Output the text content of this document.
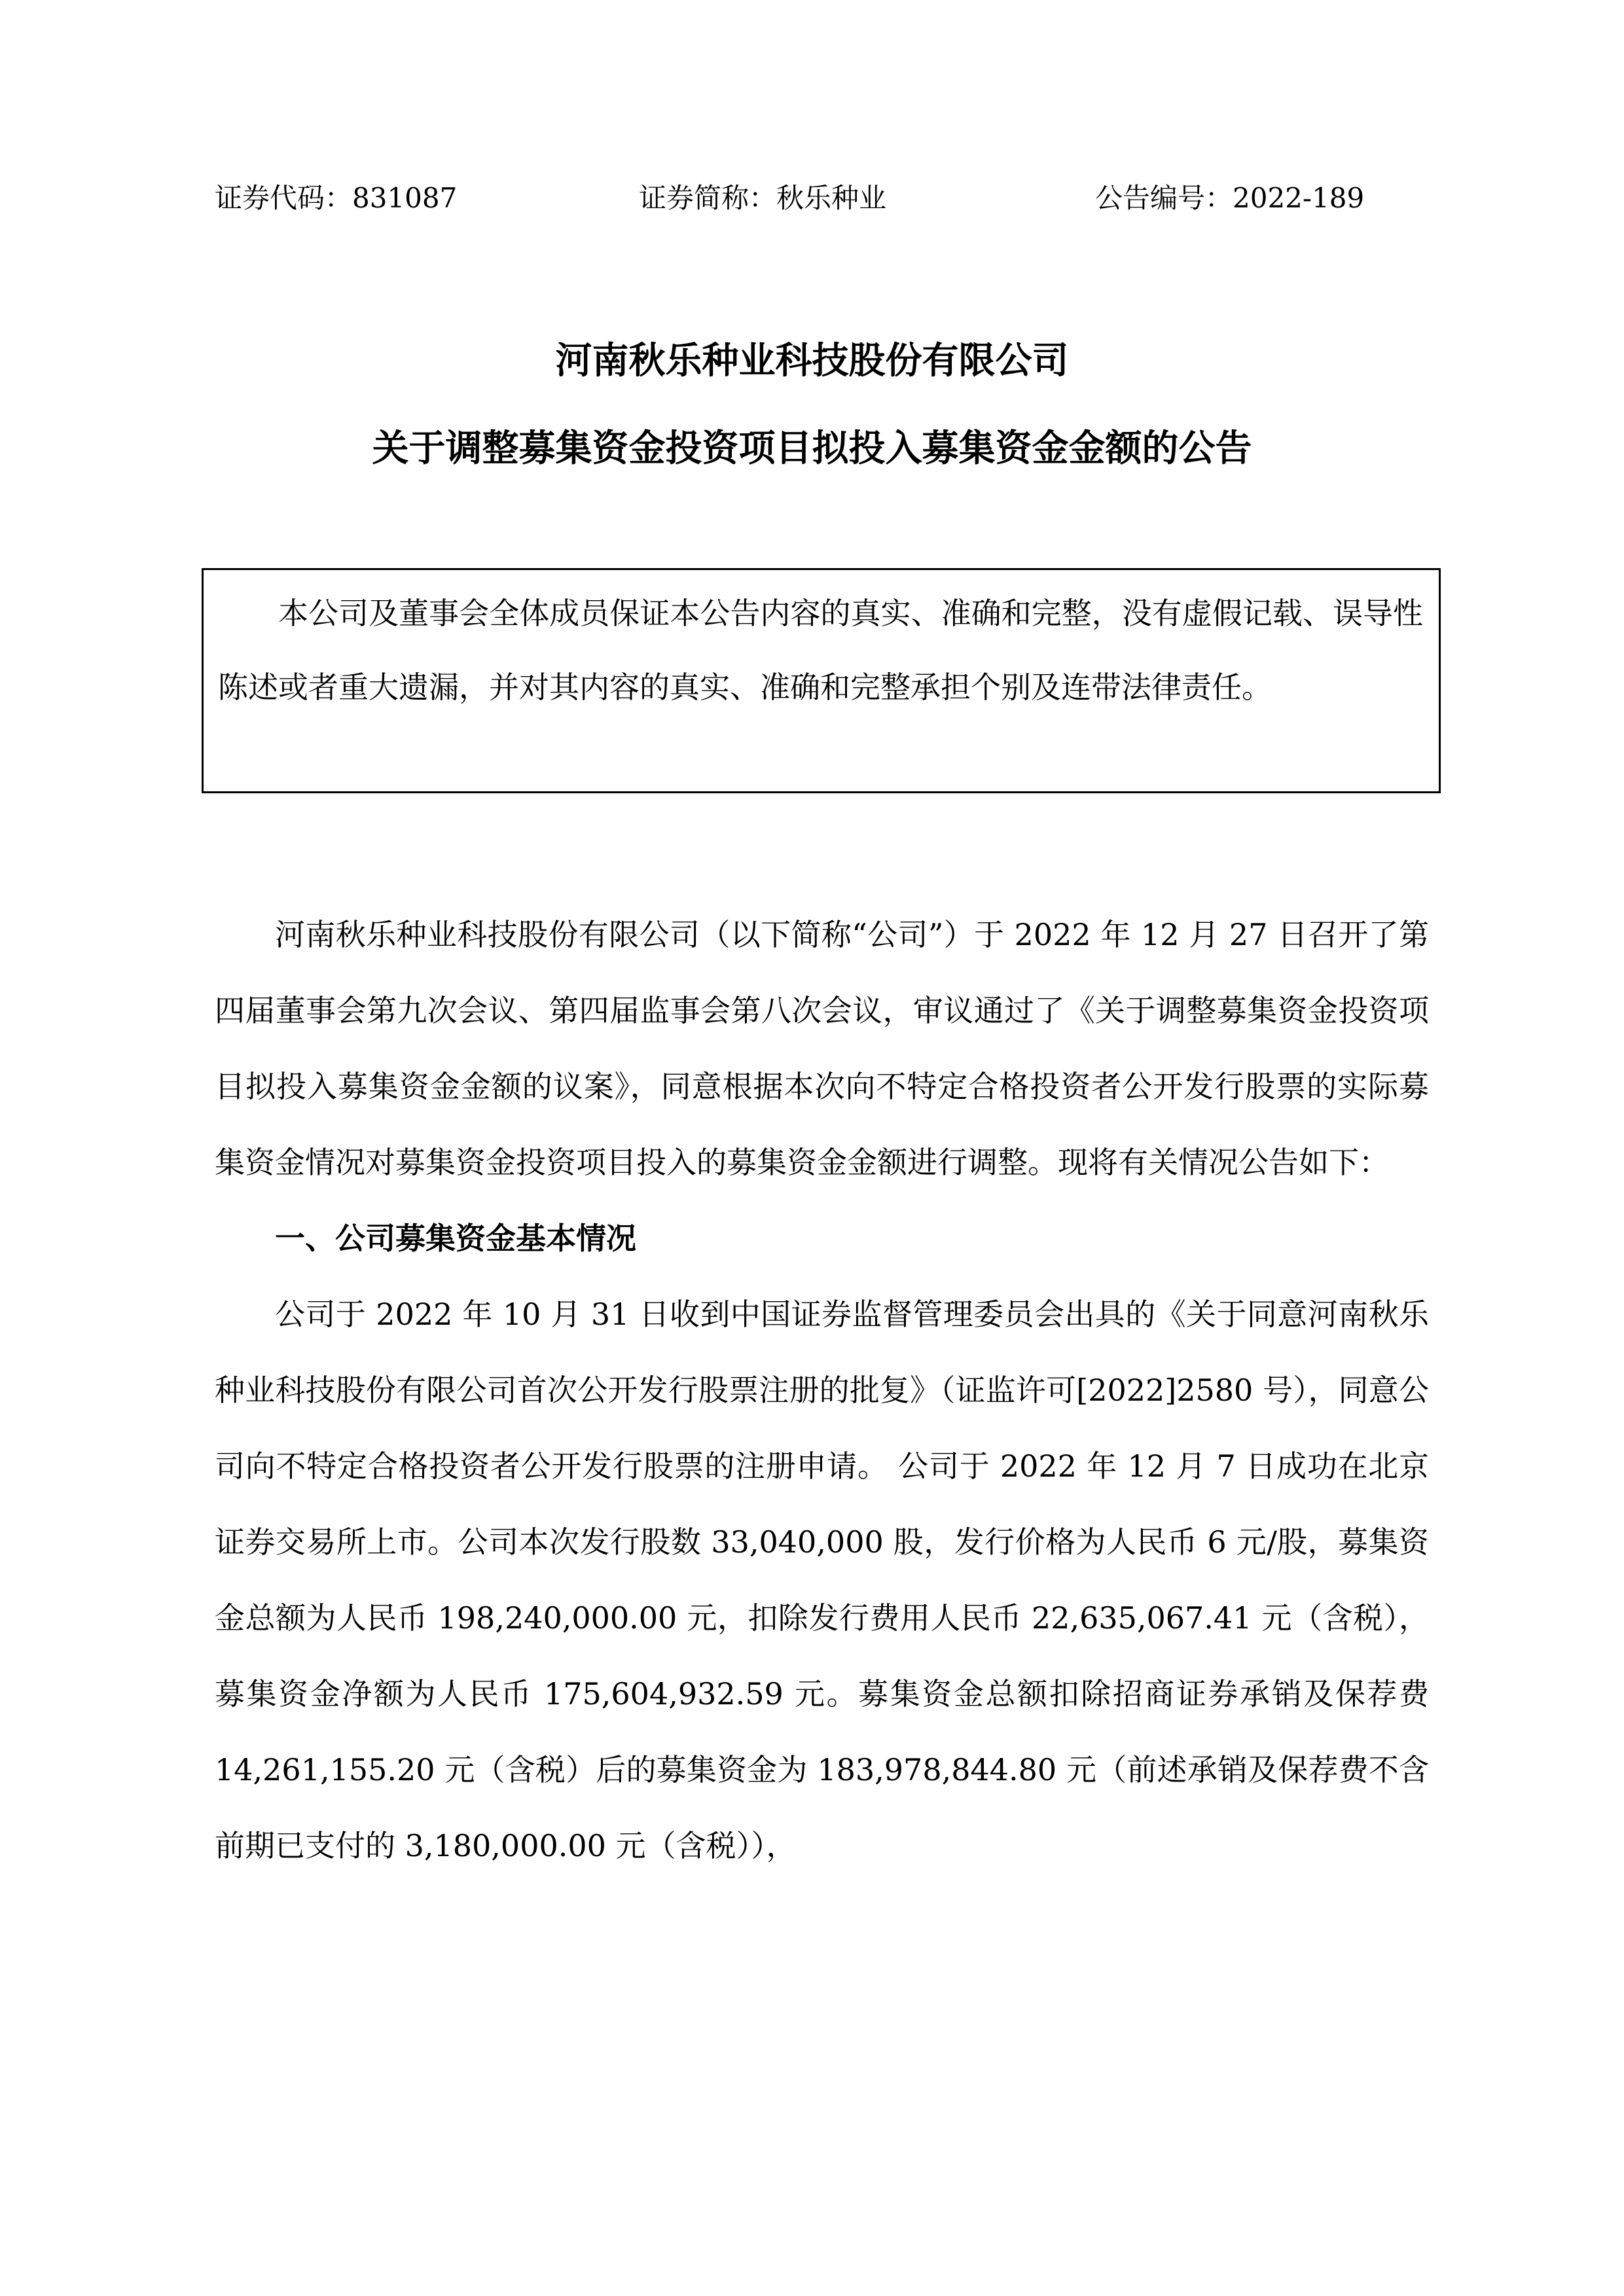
证券代码：831087	证券简称：秋乐种业	公告编号：2022-189
河南秋乐种业科技股份有限公司
关于调整募集资金投资项目拟投入募集资金金额的公告
本公司及董事会全体成员保证本公告内容的真实、准确和完整，没有虚假记载、误导性陈述或者重大遗漏，并对其内容的真实、准确和完整承担个别及连带法律责任。

河南秋乐种业科技股份有限公司（以下简称“公司”）于 2022 年 12 月 27 日召开了第四届董事会第九次会议、第四届监事会第八次会议，审议通过了《关于调整募集资金投资项目拟投入募集资金金额的议案》，同意根据本次向不特定合格投资者公开发行股票的实际募集资金情况对募集资金投资项目投入的募集资金金额进行调整。现将有关情况公告如下：

一、公司募集资金基本情况

公司于 2022 年 10 月 31 日收到中国证券监督管理委员会出具的《关于同意河南秋乐种业科技股份有限公司首次公开发行股票注册的批复》（证监许可[2022]2580 号），同意公司向不特定合格投资者公开发行股票的注册申请。 公司于 2022 年 12 月 7 日成功在北京证券交易所上市。公司本次发行股数 33,040,000 股，发行价格为人民币 6 元/股，募集资金总额为人民币 198,240,000.00 元，扣除发行费用人民币 22,635,067.41 元（含税）， 募集资金净额为人民币 175,604,932.59 元。募集资金总额扣除招商证券承销及保荐费 14,261,155.20 元（含税）后的募集资金为 183,978,844.80 元（前述承销及保荐费不含前期已支付的 3,180,000.00 元（含税）），
